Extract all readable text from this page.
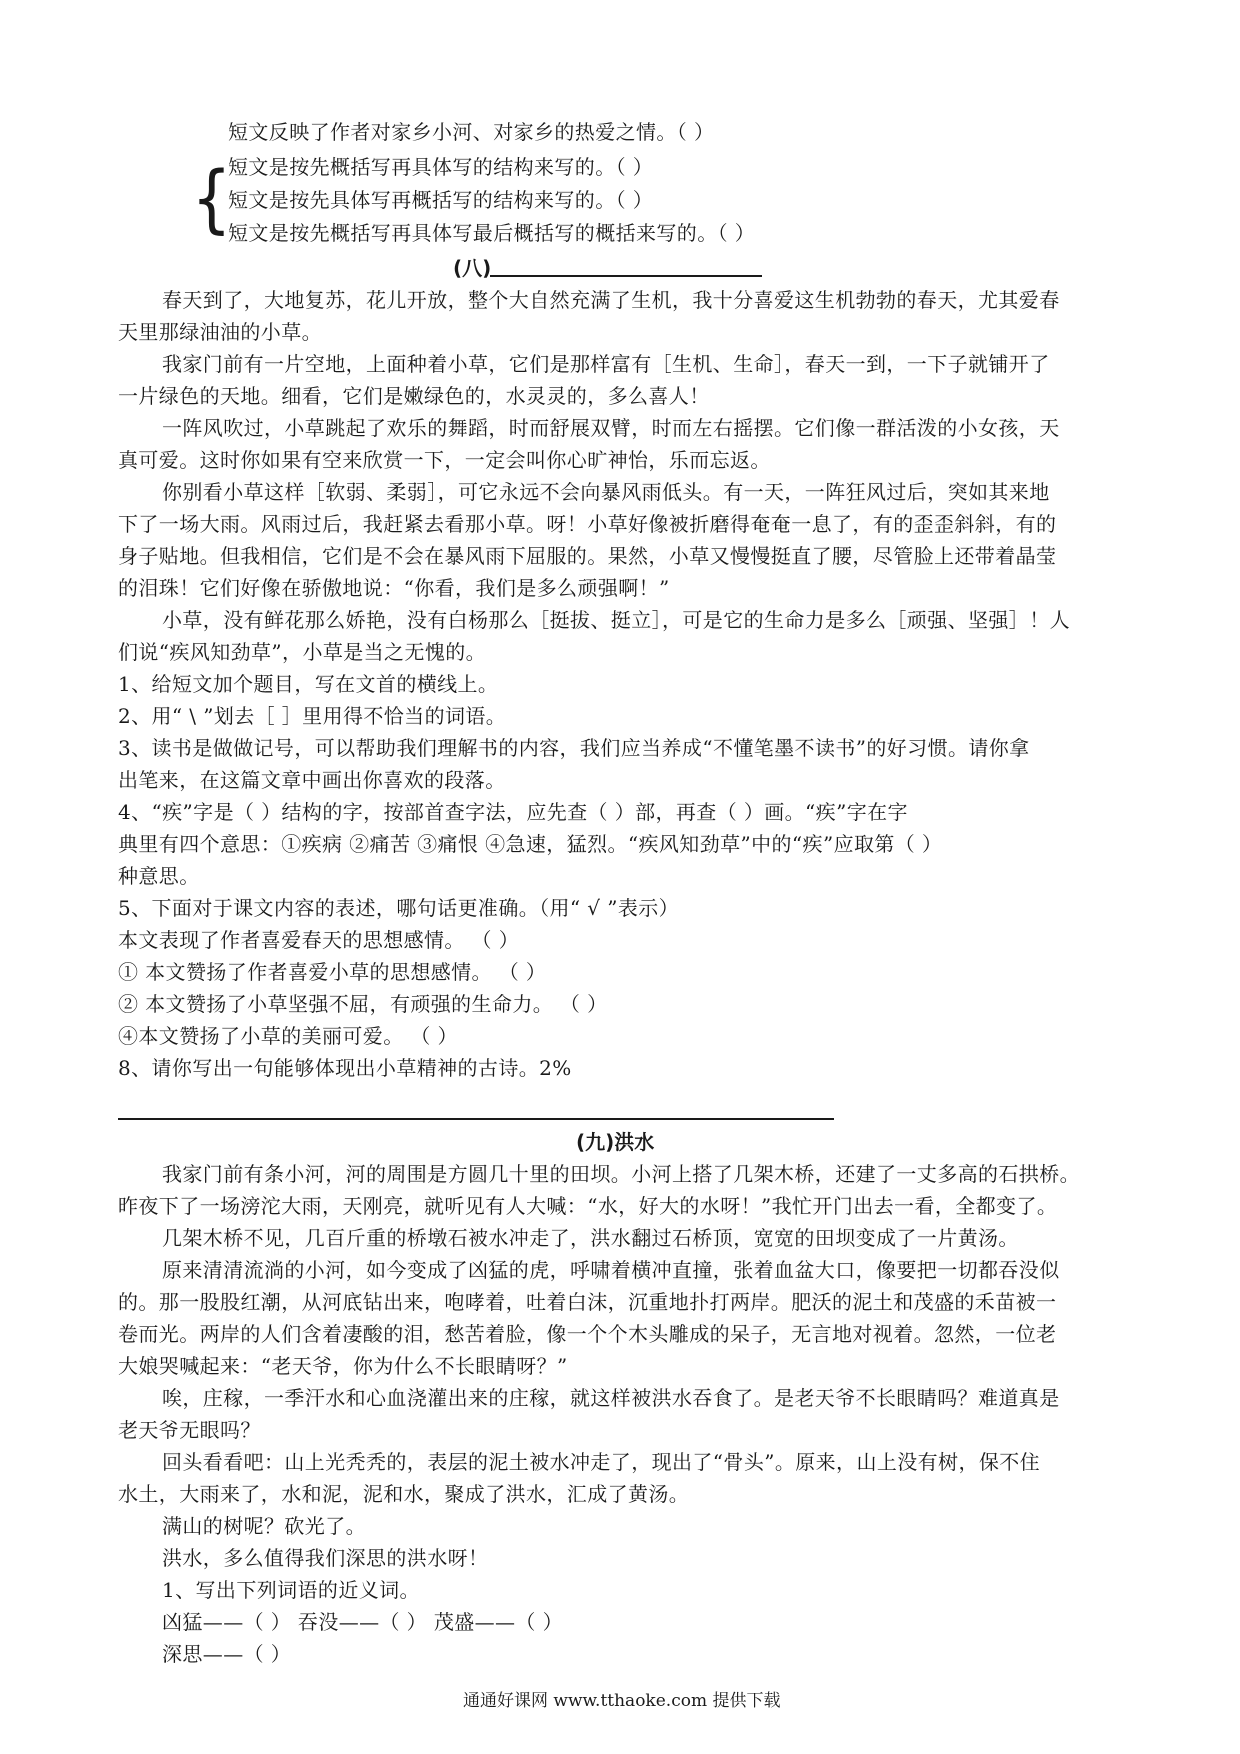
{
短文反映了作者对家乡小河、对家乡的热爱之情。（ ）
短文是按先概括写再具体写的结构来写的。（ ）
短文是按先具体写再概括写的结构来写的。（ ）
短文是按先概括写再具体写最后概括写的概括来写的。（ ）
(八)
春天到了，大地复苏，花儿开放，整个大自然充满了生机，我十分喜爱这生机勃勃的春天，尤其爱春
天里那绿油油的小草。
我家门前有一片空地，上面种着小草，它们是那样富有［生机、生命］，春天一到，一下子就铺开了
一片绿色的天地。细看，它们是嫩绿色的，水灵灵的，多么喜人！
一阵风吹过，小草跳起了欢乐的舞蹈，时而舒展双臂，时而左右摇摆。它们像一群活泼的小女孩，天
真可爱。这时你如果有空来欣赏一下，一定会叫你心旷神怡，乐而忘返。
你别看小草这样［软弱、柔弱］，可它永远不会向暴风雨低头。有一天，一阵狂风过后，突如其来地
下了一场大雨。风雨过后，我赶紧去看那小草。呀！小草好像被折磨得奄奄一息了，有的歪歪斜斜，有的
身子贴地。但我相信，它们是不会在暴风雨下屈服的。果然，小草又慢慢挺直了腰，尽管脸上还带着晶莹
的泪珠！它们好像在骄傲地说：“你看，我们是多么顽强啊！”
小草，没有鲜花那么娇艳，没有白杨那么［挺拔、挺立］，可是它的生命力是多么［顽强、坚强］！人
们说“疾风知劲草”，小草是当之无愧的。
1、给短文加个题目，写在文首的横线上。
2、用“ \ ”划去［ ］里用得不恰当的词语。
3、读书是做做记号，可以帮助我们理解书的内容，我们应当养成“不懂笔墨不读书”的好习惯。请你拿
出笔来，在这篇文章中画出你喜欢的段落。
4、“疾”字是（ ）结构的字，按部首查字法，应先查（ ）部，再查（ ）画。“疾”字在字
典里有四个意思：①疾病 ②痛苦 ③痛恨 ④急速，猛烈。“疾风知劲草”中的“疾”应取第（ ）
种意思。
5、下面对于课文内容的表述，哪句话更准确。（用“ √ ”表示）
本文表现了作者喜爱春天的思想感情。 （ ）
① 本文赞扬了作者喜爱小草的思想感情。 （ ）
② 本文赞扬了小草坚强不屈，有顽强的生命力。 （ ）
④本文赞扬了小草的美丽可爱。 （ ）
8、请你写出一句能够体现出小草精神的古诗。2%
(九)洪水
我家门前有条小河，河的周围是方圆几十里的田坝。小河上搭了几架木桥，还建了一丈多高的石拱桥。
昨夜下了一场滂沱大雨，天刚亮，就听见有人大喊：“水，好大的水呀！”我忙开门出去一看，全都变了。
几架木桥不见，几百斤重的桥墩石被水冲走了，洪水翻过石桥顶，宽宽的田坝变成了一片黄汤。
原来清清流淌的小河，如今变成了凶猛的虎，呼啸着横冲直撞，张着血盆大口，像要把一切都吞没似
的。那一股股红潮，从河底钻出来，咆哮着，吐着白沫，沉重地扑打两岸。肥沃的泥土和茂盛的禾苗被一
卷而光。两岸的人们含着凄酸的泪，愁苦着脸，像一个个木头雕成的呆子，无言地对视着。忽然，一位老
大娘哭喊起来：“老天爷，你为什么不长眼睛呀？”
唉，庄稼，一季汗水和心血浇灌出来的庄稼，就这样被洪水吞食了。是老天爷不长眼睛吗？难道真是
老天爷无眼吗？
回头看看吧：山上光秃秃的，表层的泥土被水冲走了，现出了“骨头”。原来，山上没有树，保不住
水土，大雨来了，水和泥，泥和水，聚成了洪水，汇成了黄汤。
满山的树呢？砍光了。
洪水，多么值得我们深思的洪水呀！
1、写出下列词语的近义词。
凶猛——（ ） 吞没——（ ） 茂盛——（ ）
深思——（ ）
通通好课网 www.tthaoke.com 提供下载
